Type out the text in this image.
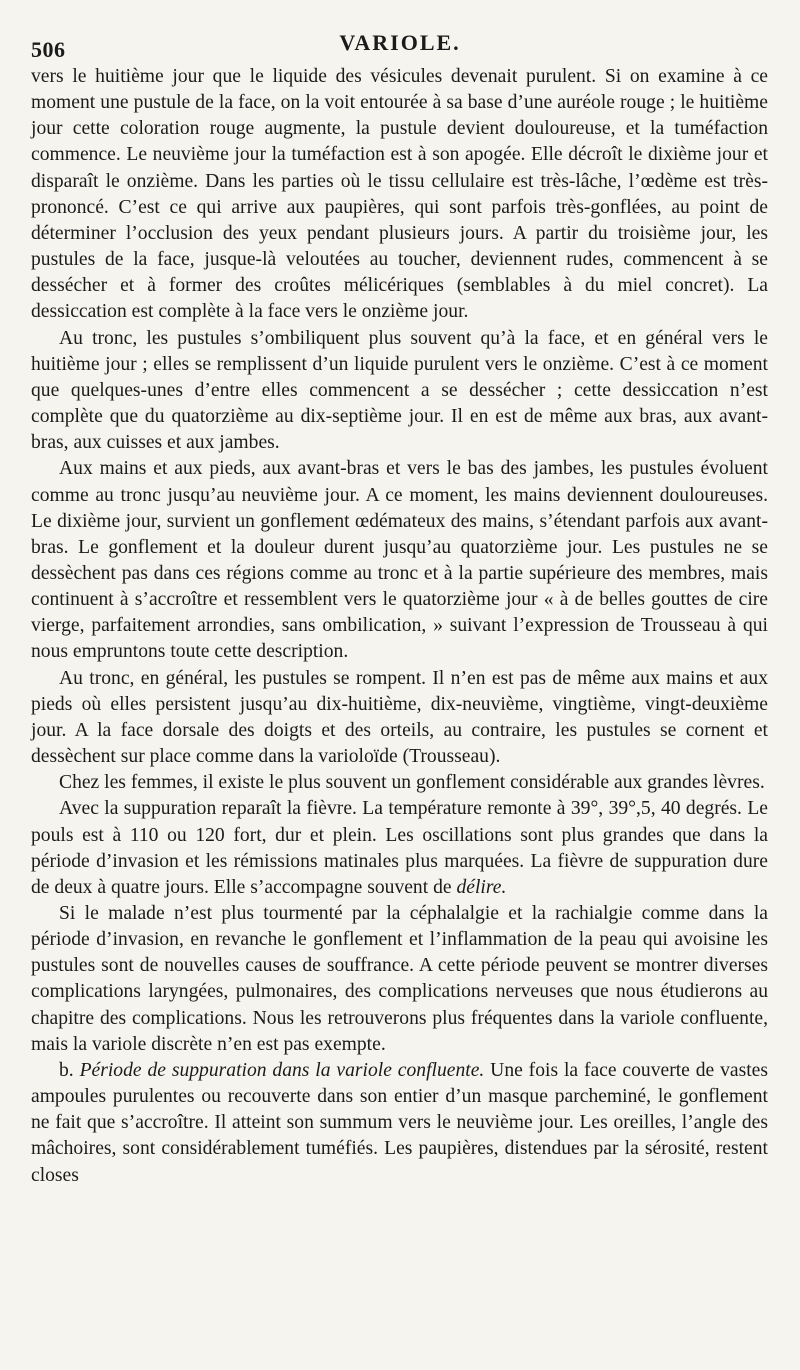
506	VARIOLE.

vers le huitième jour que le liquide des vésicules devenait purulent. Si on examine à ce moment une pustule de la face, on la voit entourée à sa base d’une auréole rouge ; le huitième jour cette coloration rouge augmente, la pustule devient douloureuse, et la tuméfaction commence. Le neuvième jour la tuméfaction est à son apogée. Elle décroît le dixième jour et disparaît le onzième. Dans les parties où le tissu cellulaire est très-lâche, l’œdème est très-prononcé. C’est ce qui arrive aux paupières, qui sont parfois très-gonflées, au point de déterminer l’occlusion des yeux pendant plusieurs jours. A partir du troisième jour, les pustules de la face, jusque-là veloutées au toucher, deviennent rudes, commencent à se dessécher et à former des croûtes mélicériques (semblables à du miel concret). La dessiccation est complète à la face vers le onzième jour.

Au tronc, les pustules s’ombiliquent plus souvent qu’à la face, et en général vers le huitième jour ; elles se remplissent d’un liquide purulent vers le onzième. C’est à ce moment que quelques-unes d’entre elles commencent a se dessécher ; cette dessiccation n’est complète que du quatorzième au dix-septième jour. Il en est de même aux bras, aux avant-bras, aux cuisses et aux jambes.

Aux mains et aux pieds, aux avant-bras et vers le bas des jambes, les pustules évoluent comme au tronc jusqu’au neuvième jour. A ce moment, les mains deviennent douloureuses. Le dixième jour, survient un gonflement œdémateux des mains, s’étendant parfois aux avant-bras. Le gonflement et la douleur durent jusqu’au quatorzième jour. Les pustules ne se dessèchent pas dans ces régions comme au tronc et à la partie supérieure des membres, mais continuent à s’accroître et ressemblent vers le quatorzième jour « à de belles gouttes de cire vierge, parfaitement arrondies, sans ombilication, » suivant l’expression de Trousseau à qui nous empruntons toute cette description.

Au tronc, en général, les pustules se rompent. Il n’en est pas de même aux mains et aux pieds où elles persistent jusqu’au dix-huitième, dix-neuvième, vingtième, vingt-deuxième jour. A la face dorsale des doigts et des orteils, au contraire, les pustules se cornent et dessèchent sur place comme dans la varioloïde (Trousseau).

Chez les femmes, il existe le plus souvent un gonflement considérable aux grandes lèvres.

Avec la suppuration reparaît la fièvre. La température remonte à 39°, 39°,5, 40 degrés. Le pouls est à 110 ou 120 fort, dur et plein. Les oscillations sont plus grandes que dans la période d’invasion et les rémissions matinales plus marquées. La fièvre de suppuration dure de deux à quatre jours. Elle s’accompagne souvent de délire.

Si le malade n’est plus tourmenté par la céphalalgie et la rachialgie comme dans la période d’invasion, en revanche le gonflement et l’inflammation de la peau qui avoisine les pustules sont de nouvelles causes de souffrance. A cette période peuvent se montrer diverses complications laryngées, pulmonaires, des complications nerveuses que nous étudierons au chapitre des complications. Nous les retrouverons plus fréquentes dans la variole confluente, mais la variole discrète n’en est pas exempte.

b. Période de suppuration dans la variole confluente. Une fois la face couverte de vastes ampoules purulentes ou recouverte dans son entier d’un masque parcheminé, le gonflement ne fait que s’accroître. Il atteint son summum vers le neuvième jour. Les oreilles, l’angle des mâchoires, sont considérablement tuméfiés. Les paupières, distendues par la sérosité, restent closes
